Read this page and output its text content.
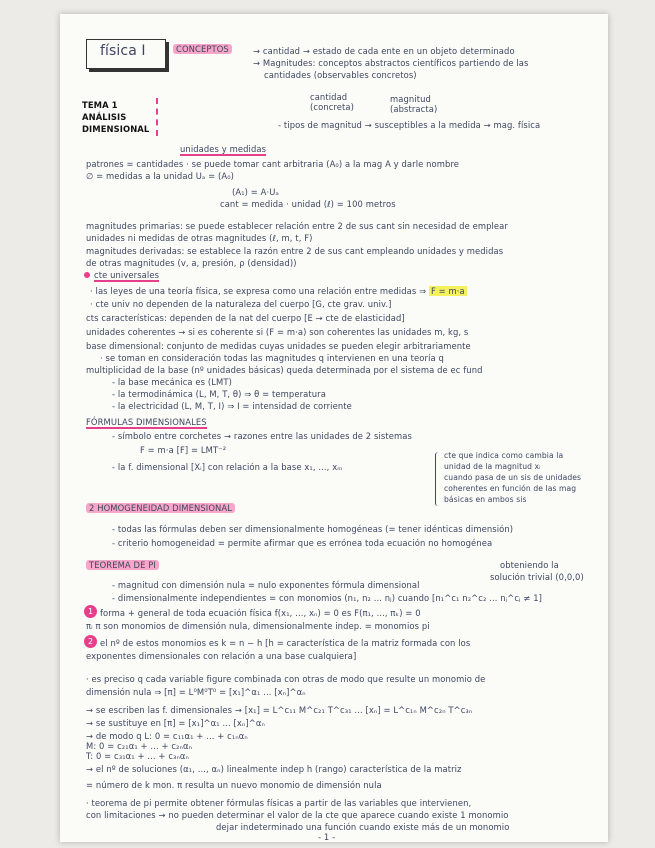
física I
TEMA 1
ANÁLISIS
DIMENSIONAL
CONCEPTOS	→ cantidad → estado de cada ente en un objeto determinado
→ Magnitudes: conceptos abstractos científicos partiendo de las
cantidades (observables concretos)
cantidad	magnitud
(concreta)	(abstracta)
- tipos de magnitud → susceptibles a la medida → mag. física
unidades y medidas
patrones = cantidades · se puede tomar cant arbitraria (A₀) a la mag A y darle nombre
∅ = medidas a la unidad Uₐ = (A₀)
(A₁) = A·Uₐ
cant = medida · unidad (ℓ) = 100 metros
magnitudes primarias: se puede establecer relación entre 2 de sus cant sin necesidad de emplear
unidades ni medidas de otras magnitudes (ℓ, m, t, F)
magnitudes derivadas: se establece la razón entre 2 de sus cant empleando unidades y medidas
de otras magnitudes (v, a, presión, ρ (densidad))
cte universales
· las leyes de una teoría física, se expresa como una relación entre medidas ⇒ F = m·a
· cte univ no dependen de la naturaleza del cuerpo [G, cte grav. univ.]
cts características: dependen de la nat del cuerpo [E → cte de elasticidad]
unidades coherentes → si es coherente si (F = m·a) son coherentes las unidades m, kg, s
base dimensional: conjunto de medidas cuyas unidades se pueden elegir arbitrariamente
· se toman en consideración todas las magnitudes q intervienen en una teoría q
multiplicidad de la base (nº unidades básicas) queda determinada por el sistema de ec fund
- la base mecánica es (LMT)
- la termodinámica (L, M, T, θ) ⇒ θ = temperatura
- la electricidad (L, M, T, I) ⇒ I = intensidad de corriente
FÓRMULAS DIMENSIONALES
- símbolo entre corchetes → razones entre las unidades de 2 sistemas
F = m·a [F] = LMT⁻²
- la f. dimensional [Xᵢ] con relación a la base x₁, ..., xₘ
cte que indica como cambia la
unidad de la magnitud xᵢ
cuando pasa de un sis de unidades
coherentes en función de las mag
básicas en ambos sis
2 HOMOGENEIDAD DIMENSIONAL
- todas las fórmulas deben ser dimensionalmente homogéneas (= tener idénticas dimensión)
- criterio homogeneidad = permite afirmar que es errónea toda ecuación no homogénea
TEOREMA DE PI	obteniendo la
solución trivial (0,0,0)
- magnitud con dimensión nula = nulo exponentes fórmula dimensional
- dimensionalmente independientes = con monomios (n₁, n₂ ... nⱼ) cuando [n₁^c₁ n₂^c₂ ... nⱼ^cⱼ ≠ 1]
1 forma + general de toda ecuación física f(x₁, ..., xₙ) = 0 es F(π₁, ..., πₖ) = 0
πᵢ π son monomios de dimensión nula, dimensionalmente indep. = monomios pi
2 el nº de estos monomios es k = n − h [h = característica de la matriz formada con los
exponentes dimensionales con relación a una base cualquiera]
· es preciso q cada variable figure combinada con otras de modo que resulte un monomio de
dimensión nula ⇒ [π] = L⁰M⁰T⁰ = [x₁]^α₁ ... [xₙ]^αₙ
→ se escriben las f. dimensionales → [x₁] = L^c₁₁ M^c₂₁ T^c₃₁ ... [xₙ] = L^c₁ₙ M^c₂ₙ T^c₃ₙ
→ se sustituye en [π] = [x₁]^α₁ ... [xₙ]^αₙ
→ de modo q L: 0 = c₁₁α₁ + ... + c₁ₙαₙ
M: 0 = c₂₁α₁ + ... + c₂ₙαₙ
T: 0 = c₃₁α₁ + ... + c₃ₙαₙ
→ el nº de soluciones (α₁, ..., αₙ) linealmente indep h (rango) característica de la matriz
= número de k mon. π resulta un nuevo monomio de dimensión nula
· teorema de pi permite obtener fórmulas físicas a partir de las variables que intervienen,
con limitaciones → no pueden determinar el valor de la cte que aparece cuando existe 1 monomio
dejar indeterminado una función cuando existe más de un monomio
- 1 -
